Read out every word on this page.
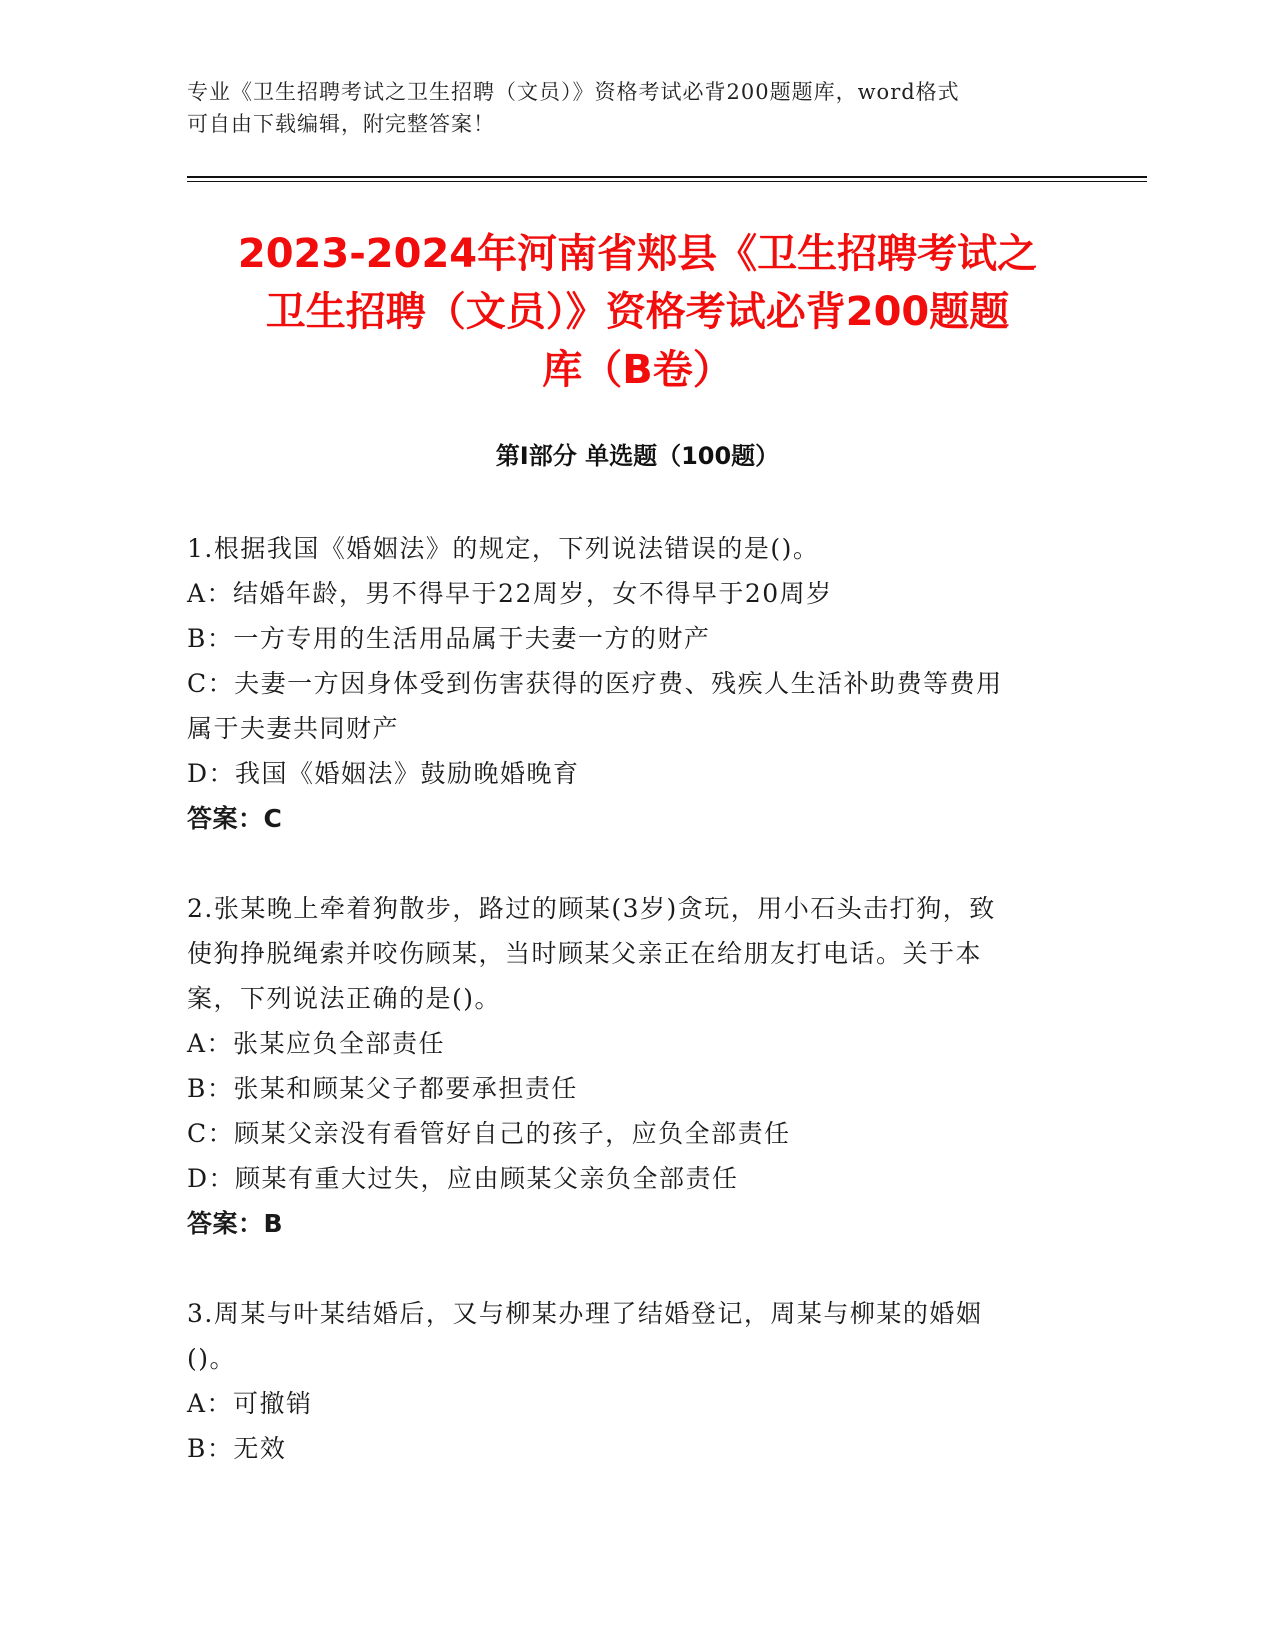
专业《卫生招聘考试之卫生招聘（文员）》资格考试必背200题题库，word格式
可自由下载编辑，附完整答案！
2023-2024年河南省郏县《卫生招聘考试之
卫生招聘（文员）》资格考试必背200题题
库（B卷）
第Ⅰ部分 单选题（100题）

1.根据我国《婚姻法》的规定，下列说法错误的是()。

A：结婚年龄，男不得早于22周岁，女不得早于20周岁

B：一方专用的生活用品属于夫妻一方的财产

C：夫妻一方因身体受到伤害获得的医疗费、残疾人生活补助费等费用

属于夫妻共同财产

D：我国《婚姻法》鼓励晚婚晚育

答案：C

2.张某晚上牵着狗散步，路过的顾某(3岁)贪玩，用小石头击打狗，致

使狗挣脱绳索并咬伤顾某，当时顾某父亲正在给朋友打电话。关于本

案，下列说法正确的是()。

A：张某应负全部责任

B：张某和顾某父子都要承担责任

C：顾某父亲没有看管好自己的孩子，应负全部责任

D：顾某有重大过失，应由顾某父亲负全部责任

答案：B

3.周某与叶某结婚后，又与柳某办理了结婚登记，周某与柳某的婚姻

()。

A：可撤销

B：无效
